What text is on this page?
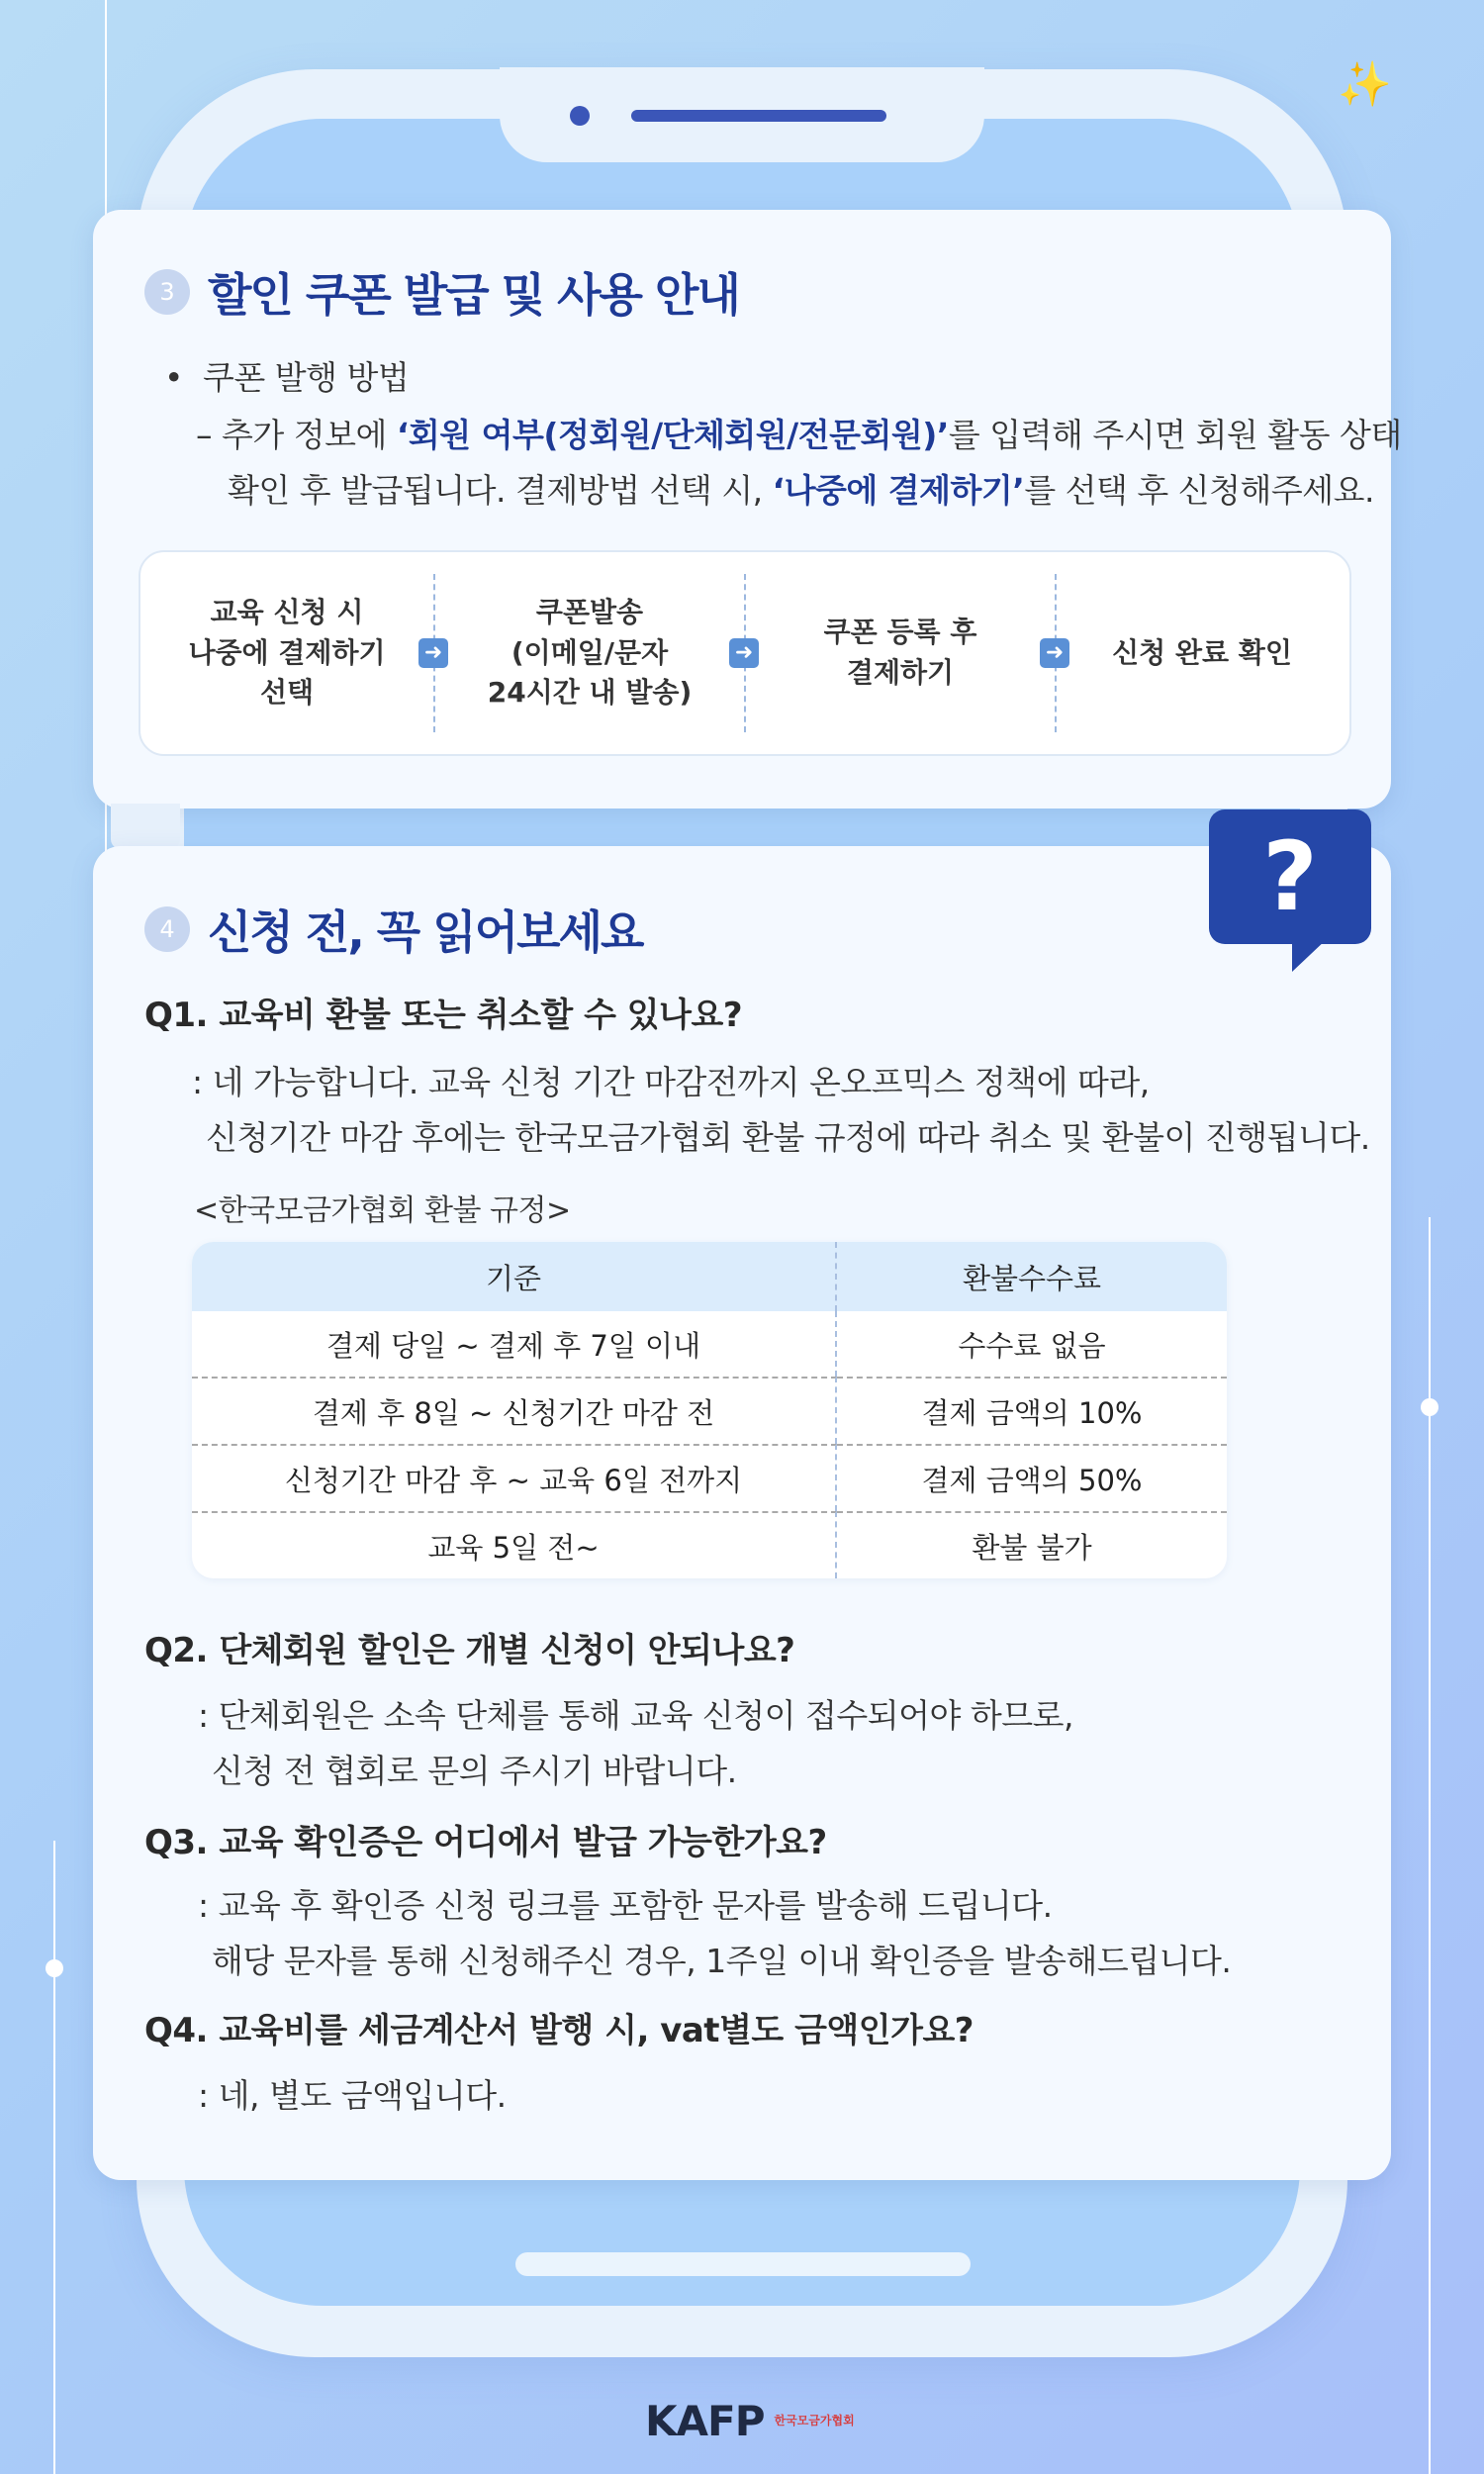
✨
3 할인 쿠폰 발급 및 사용 안내
•  쿠폰 발행 방법
– 추가 정보에 ‘회원 여부(정회원/단체회원/전문회원)’를 입력해 주시면 회원 활동 상태
확인 후 발급됩니다. 결제방법 선택 시, ‘나중에 결제하기’를 선택 후 신청해주세요.
교육 신청 시
나중에 결제하기
선택
➜
쿠폰발송
(이메일/문자
24시간 내 발송)
➜
쿠폰 등록 후
결제하기
➜	신청 완료 확인
?
4 신청 전, 꼭 읽어보세요
Q1. 교육비 환불 또는 취소할 수 있나요?
: 네 가능합니다. 교육 신청 기간 마감전까지 온오프믹스 정책에 따라,
신청기간 마감 후에는 한국모금가협회 환불 규정에 따라 취소 및 환불이 진행됩니다.
<한국모금가협회 환불 규정>
기준	환불수수료
결제 당일 ~ 결제 후 7일 이내	수수료 없음
결제 후 8일 ~ 신청기간 마감 전	결제 금액의 10%
신청기간 마감 후 ~ 교육 6일 전까지	결제 금액의 50%
교육 5일 전~	환불 불가
Q2. 단체회원 할인은 개별 신청이 안되나요?
: 단체회원은 소속 단체를 통해 교육 신청이 접수되어야 하므로,
신청 전 협회로 문의 주시기 바랍니다.
Q3. 교육 확인증은 어디에서 발급 가능한가요?
: 교육 후 확인증 신청 링크를 포함한 문자를 발송해 드립니다.
해당 문자를 통해 신청해주신 경우, 1주일 이내 확인증을 발송해드립니다.
Q4. 교육비를 세금계산서 발행 시, vat별도 금액인가요?
: 네, 별도 금액입니다.
KAFP 한국모금가협회
